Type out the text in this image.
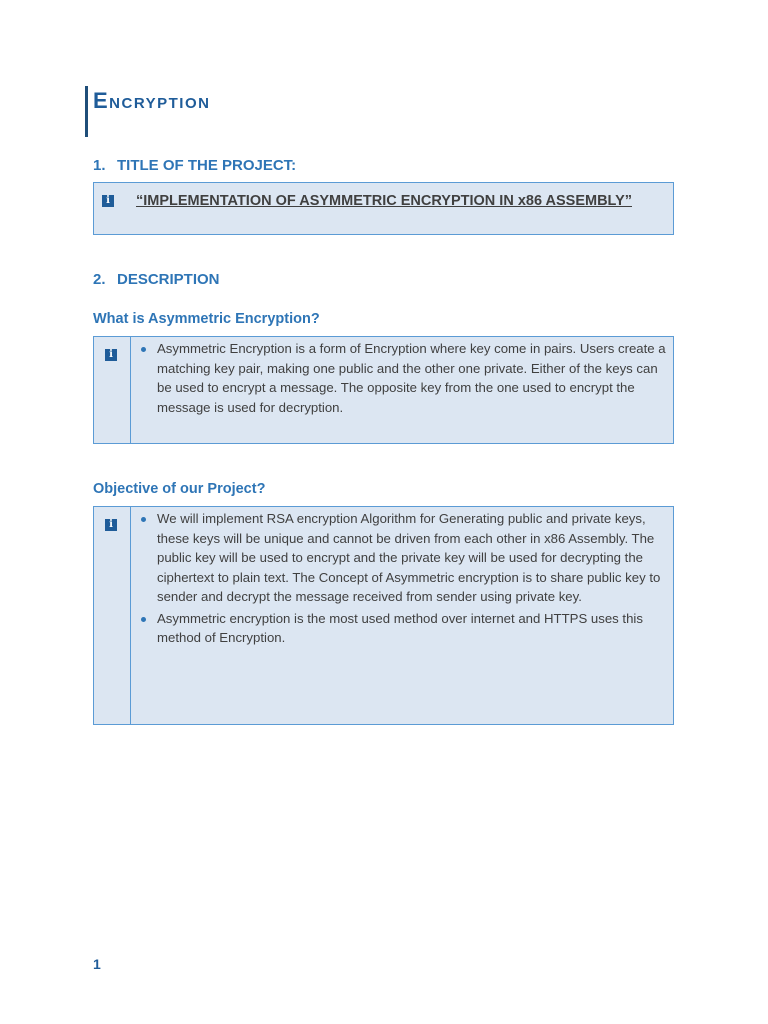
Encryption
1. TITLE OF THE PROJECT:
i “IMPLEMENTATION OF ASYMMETRIC ENCRYPTION IN x86 ASSEMBLY”

2. DESCRIPTION
What is Asymmetric Encryption?
i	Asymmetric Encryption is a form of Encryption where key come in pairs. Users create a matching key pair, making one public and the other one private. Either of the keys can be used to encrypt a message. The opposite key from the one used to encrypt the message is used for decryption.
Objective of our Project?
i	We will implement RSA encryption Algorithm for Generating public and private keys, these keys will be unique and cannot be driven from each other in x86 Assembly. The public key will be used to encrypt and the private key will be used for decrypting the ciphertext to plain text. The Concept of Asymmetric encryption is to share public key to sender and decrypt the message received from sender using private key.
Asymmetric encryption is the most used method over internet and HTTPS uses this method of Encryption.
1
